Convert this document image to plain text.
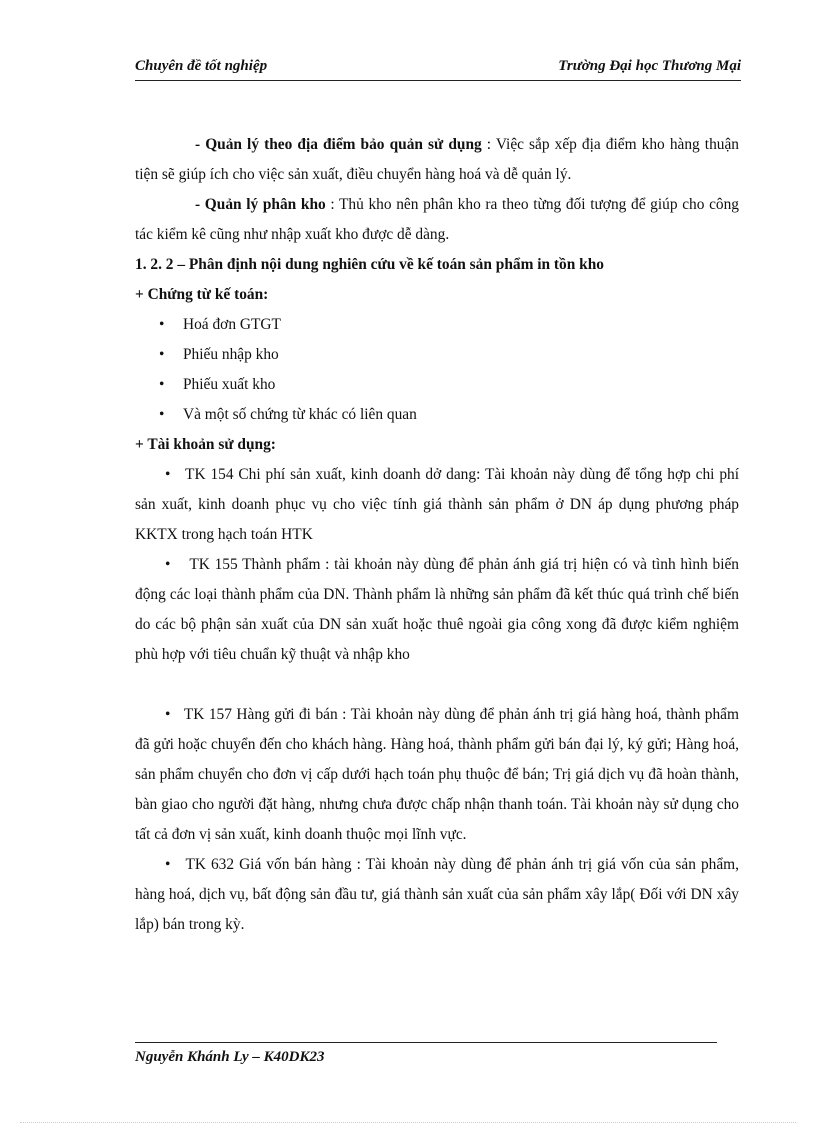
Chuyên đề tốt nghiệp	Trường Đại học Thương Mại

- Quản lý theo địa điểm bảo quản sử dụng : Việc sắp xếp địa điểm kho hàng thuận tiện sẽ giúp ích cho việc sản xuất, điều chuyển hàng hoá và dễ quản lý.

- Quản lý phân kho : Thủ kho nên phân kho ra theo từng đối tượng để giúp cho công tác kiểm kê cũng như nhập xuất kho được dễ dàng.

1. 2. 2 – Phân định nội dung nghiên cứu về kế toán sản phẩm in tồn kho

+ Chứng từ kế toán:

• Hoá đơn GTGT

• Phiếu nhập kho

• Phiếu xuất kho

• Và một số chứng từ khác có liên quan

+ Tài khoản sử dụng:

• TK 154 Chi phí sản xuất, kinh doanh dở dang: Tài khoản này dùng để tổng hợp chi phí sản xuất, kinh doanh phục vụ cho việc tính giá thành sản phẩm ở DN áp dụng phương pháp KKTX trong hạch toán HTK

• TK 155 Thành phẩm : tài khoản này dùng để phản ánh giá trị hiện có và tình hình biến động các loại thành phẩm của DN. Thành phẩm là những sản phẩm đã kết thúc quá trình chế biến do các bộ phận sản xuất của DN sản xuất hoặc thuê ngoài gia công xong đã được kiểm nghiệm phù hợp với tiêu chuẩn kỹ thuật và nhập kho

• TK 157 Hàng gửi đi bán : Tài khoản này dùng để phản ánh trị giá hàng hoá, thành phẩm đã gửi hoặc chuyển đến cho khách hàng. Hàng hoá, thành phẩm gửi bán đại lý, ký gửi; Hàng hoá, sản phẩm chuyển cho đơn vị cấp dưới hạch toán phụ thuộc để bán; Trị giá dịch vụ đã hoàn thành, bàn giao cho người đặt hàng, nhưng chưa được chấp nhận thanh toán. Tài khoản này sử dụng cho tất cả đơn vị sản xuất, kinh doanh thuộc mọi lĩnh vực.

• TK 632 Giá vốn bán hàng : Tài khoản này dùng để phản ánh trị giá vốn của sản phẩm, hàng hoá, dịch vụ, bất động sản đầu tư, giá thành sản xuất của sản phẩm xây lắp( Đối với DN xây lắp) bán trong kỳ.

Nguyễn Khánh Ly – K40DK23
